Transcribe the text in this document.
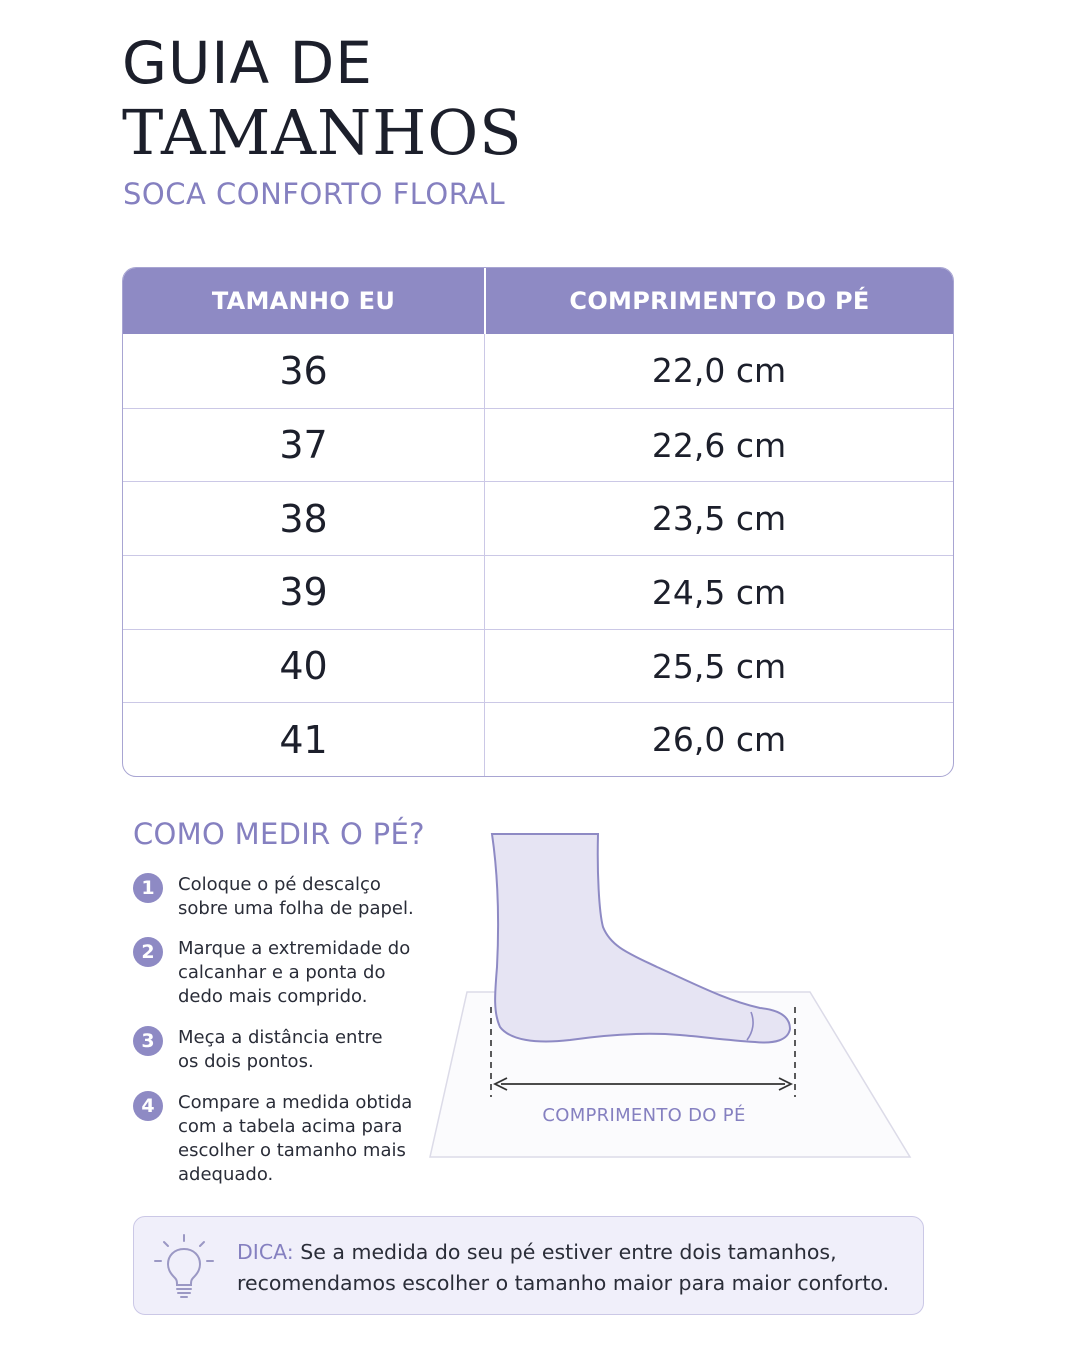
GUIA DE
TAMANHOS
SOCA CONFORTO FLORAL
TAMANHO EU	COMPRIMENTO DO PÉ
36	22,0 cm
37	22,6 cm
38	23,5 cm
39	24,5 cm
40	25,5 cm
41	26,0 cm
COMO MEDIR O PÉ?
1	Coloque o pé descalço
sobre uma folha de papel.
2	Marque a extremidade do
calcanhar e a ponta do
dedo mais comprido.
3	Meça a distância entre
os dois pontos.
4	Compare a medida obtida
com a tabela acima para
escolher o tamanho mais
adequado.
COMPRIMENTO DO PÉ
DICA: Se a medida do seu pé estiver entre dois tamanhos, recomendamos escolher o tamanho maior para maior conforto.
